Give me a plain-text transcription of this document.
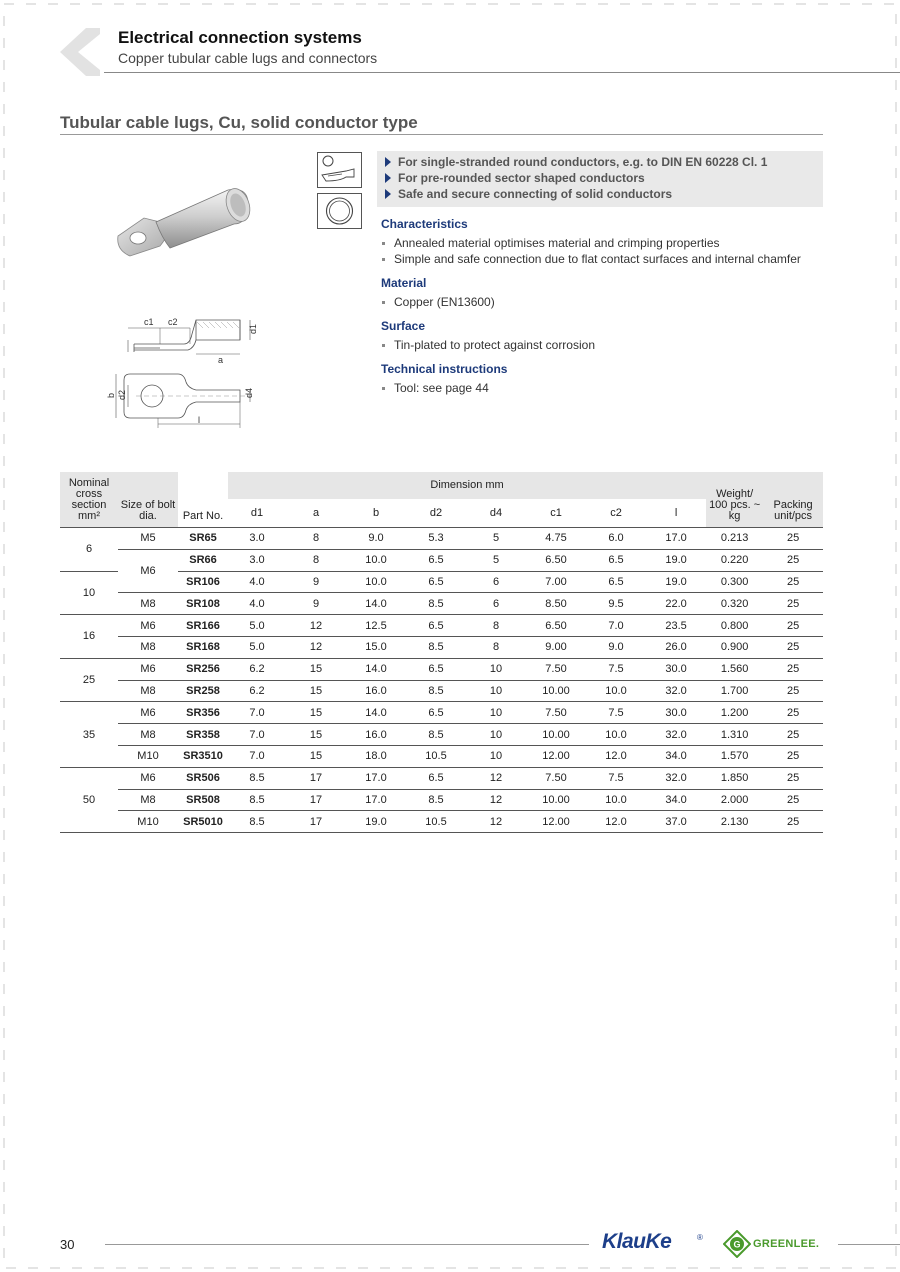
Electrical connection systems
Copper tubular cable lugs and connectors
Tubular cable lugs, Cu, solid conductor type
c1 c2
a
d1
b d2	d4
l
For single-stranded round conductors, e.g. to DIN EN 60228 Cl. 1
For pre-rounded sector shaped conductors
Safe and secure connecting of solid conductors
Characteristics
Annealed material optimises material and crimping properties
Simple and safe connection due to flat contact surfaces and internal chamfer
Material
Copper (EN13600)
Surface
Tin-plated to protect against corrosion
Technical instructions
Tool: see page 44
Nominal cross section mm²	Size of bolt dia.	Part No.	Dimension mm								Weight/ 100 pcs. ~ kg	Packing unit/pcs
			d1	a	b	d2	d4	c1	c2	l		
6	M5	SR65	3.0	8	9.0	5.3	5	4.75	6.0	17.0	0.213	25
	M6	SR66	3.0	8	10.0	6.5	5	6.50	6.5	19.0	0.220	25
10		SR106	4.0	9	10.0	6.5	6	7.00	6.5	19.0	0.300	25
	M8	SR108	4.0	9	14.0	8.5	6	8.50	9.5	22.0	0.320	25
16	M6	SR166	5.0	12	12.5	6.5	8	6.50	7.0	23.5	0.800	25
	M8	SR168	5.0	12	15.0	8.5	8	9.00	9.0	26.0	0.900	25
25	M6	SR256	6.2	15	14.0	6.5	10	7.50	7.5	30.0	1.560	25
	M8	SR258	6.2	15	16.0	8.5	10	10.00	10.0	32.0	1.700	25
35	M6	SR356	7.0	15	14.0	6.5	10	7.50	7.5	30.0	1.200	25
	M8	SR358	7.0	15	16.0	8.5	10	10.00	10.0	32.0	1.310	25
	M10	SR3510	7.0	15	18.0	10.5	10	12.00	12.0	34.0	1.570	25
50	M6	SR506	8.5	17	17.0	6.5	12	7.50	7.5	32.0	1.850	25
	M8	SR508	8.5	17	17.0	8.5	12	10.00	10.0	34.0	2.000	25
	M10	SR5010	8.5	17	19.0	10.5	12	12.00	12.0	37.0	2.130	25
30	KlauKe	®
G GREENLEE.
